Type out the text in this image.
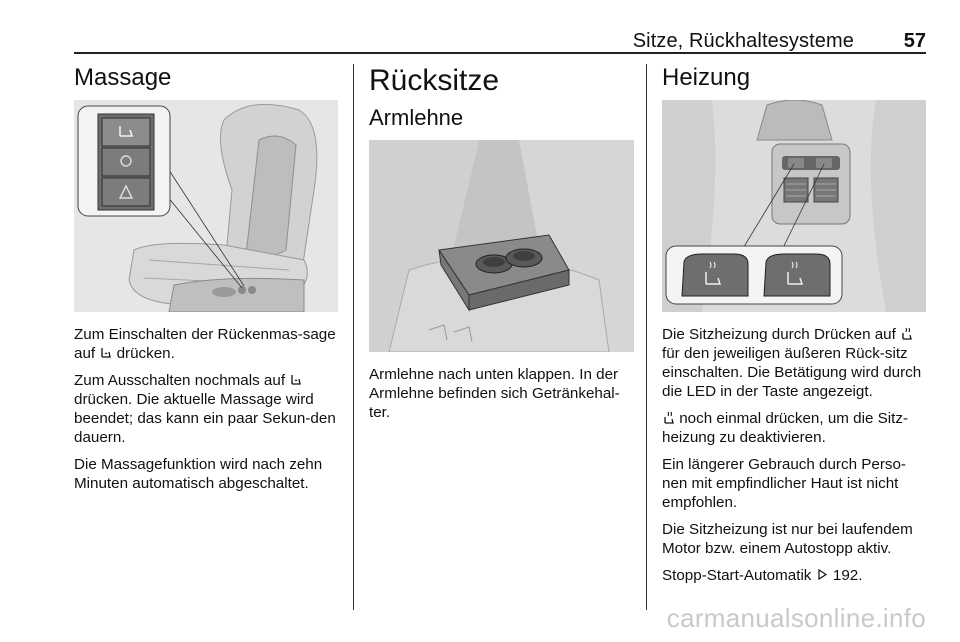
Sitze, Rückhaltesysteme 57
Massage

Zum Einschalten der Rückenmas-sage auf drücken.

Zum Ausschalten nochmals auf  drücken. Die aktuelle Massage wird beendet; das kann ein paar Sekun-den dauern.

Die Massagefunktion wird nach zehn Minuten automatisch abgeschaltet.

Rücksitze
Armlehne

Armlehne nach unten klappen. In der Armlehne befinden sich Getränkehal-ter.

Heizung

Die Sitzheizung durch Drücken auf  für den jeweiligen äußeren Rück-sitz einschalten. Die Betätigung wird durch die LED in der Taste angezeigt.

noch einmal drücken, um die Sitz-heizung zu deaktivieren.

Ein längerer Gebrauch durch Perso-nen mit empfindlicher Haut ist nicht empfohlen.

Die Sitzheizung ist nur bei laufendem Motor bzw. einem Autostopp aktiv.

Stopp-Start-Automatik 192.

carmanualsonline.info
